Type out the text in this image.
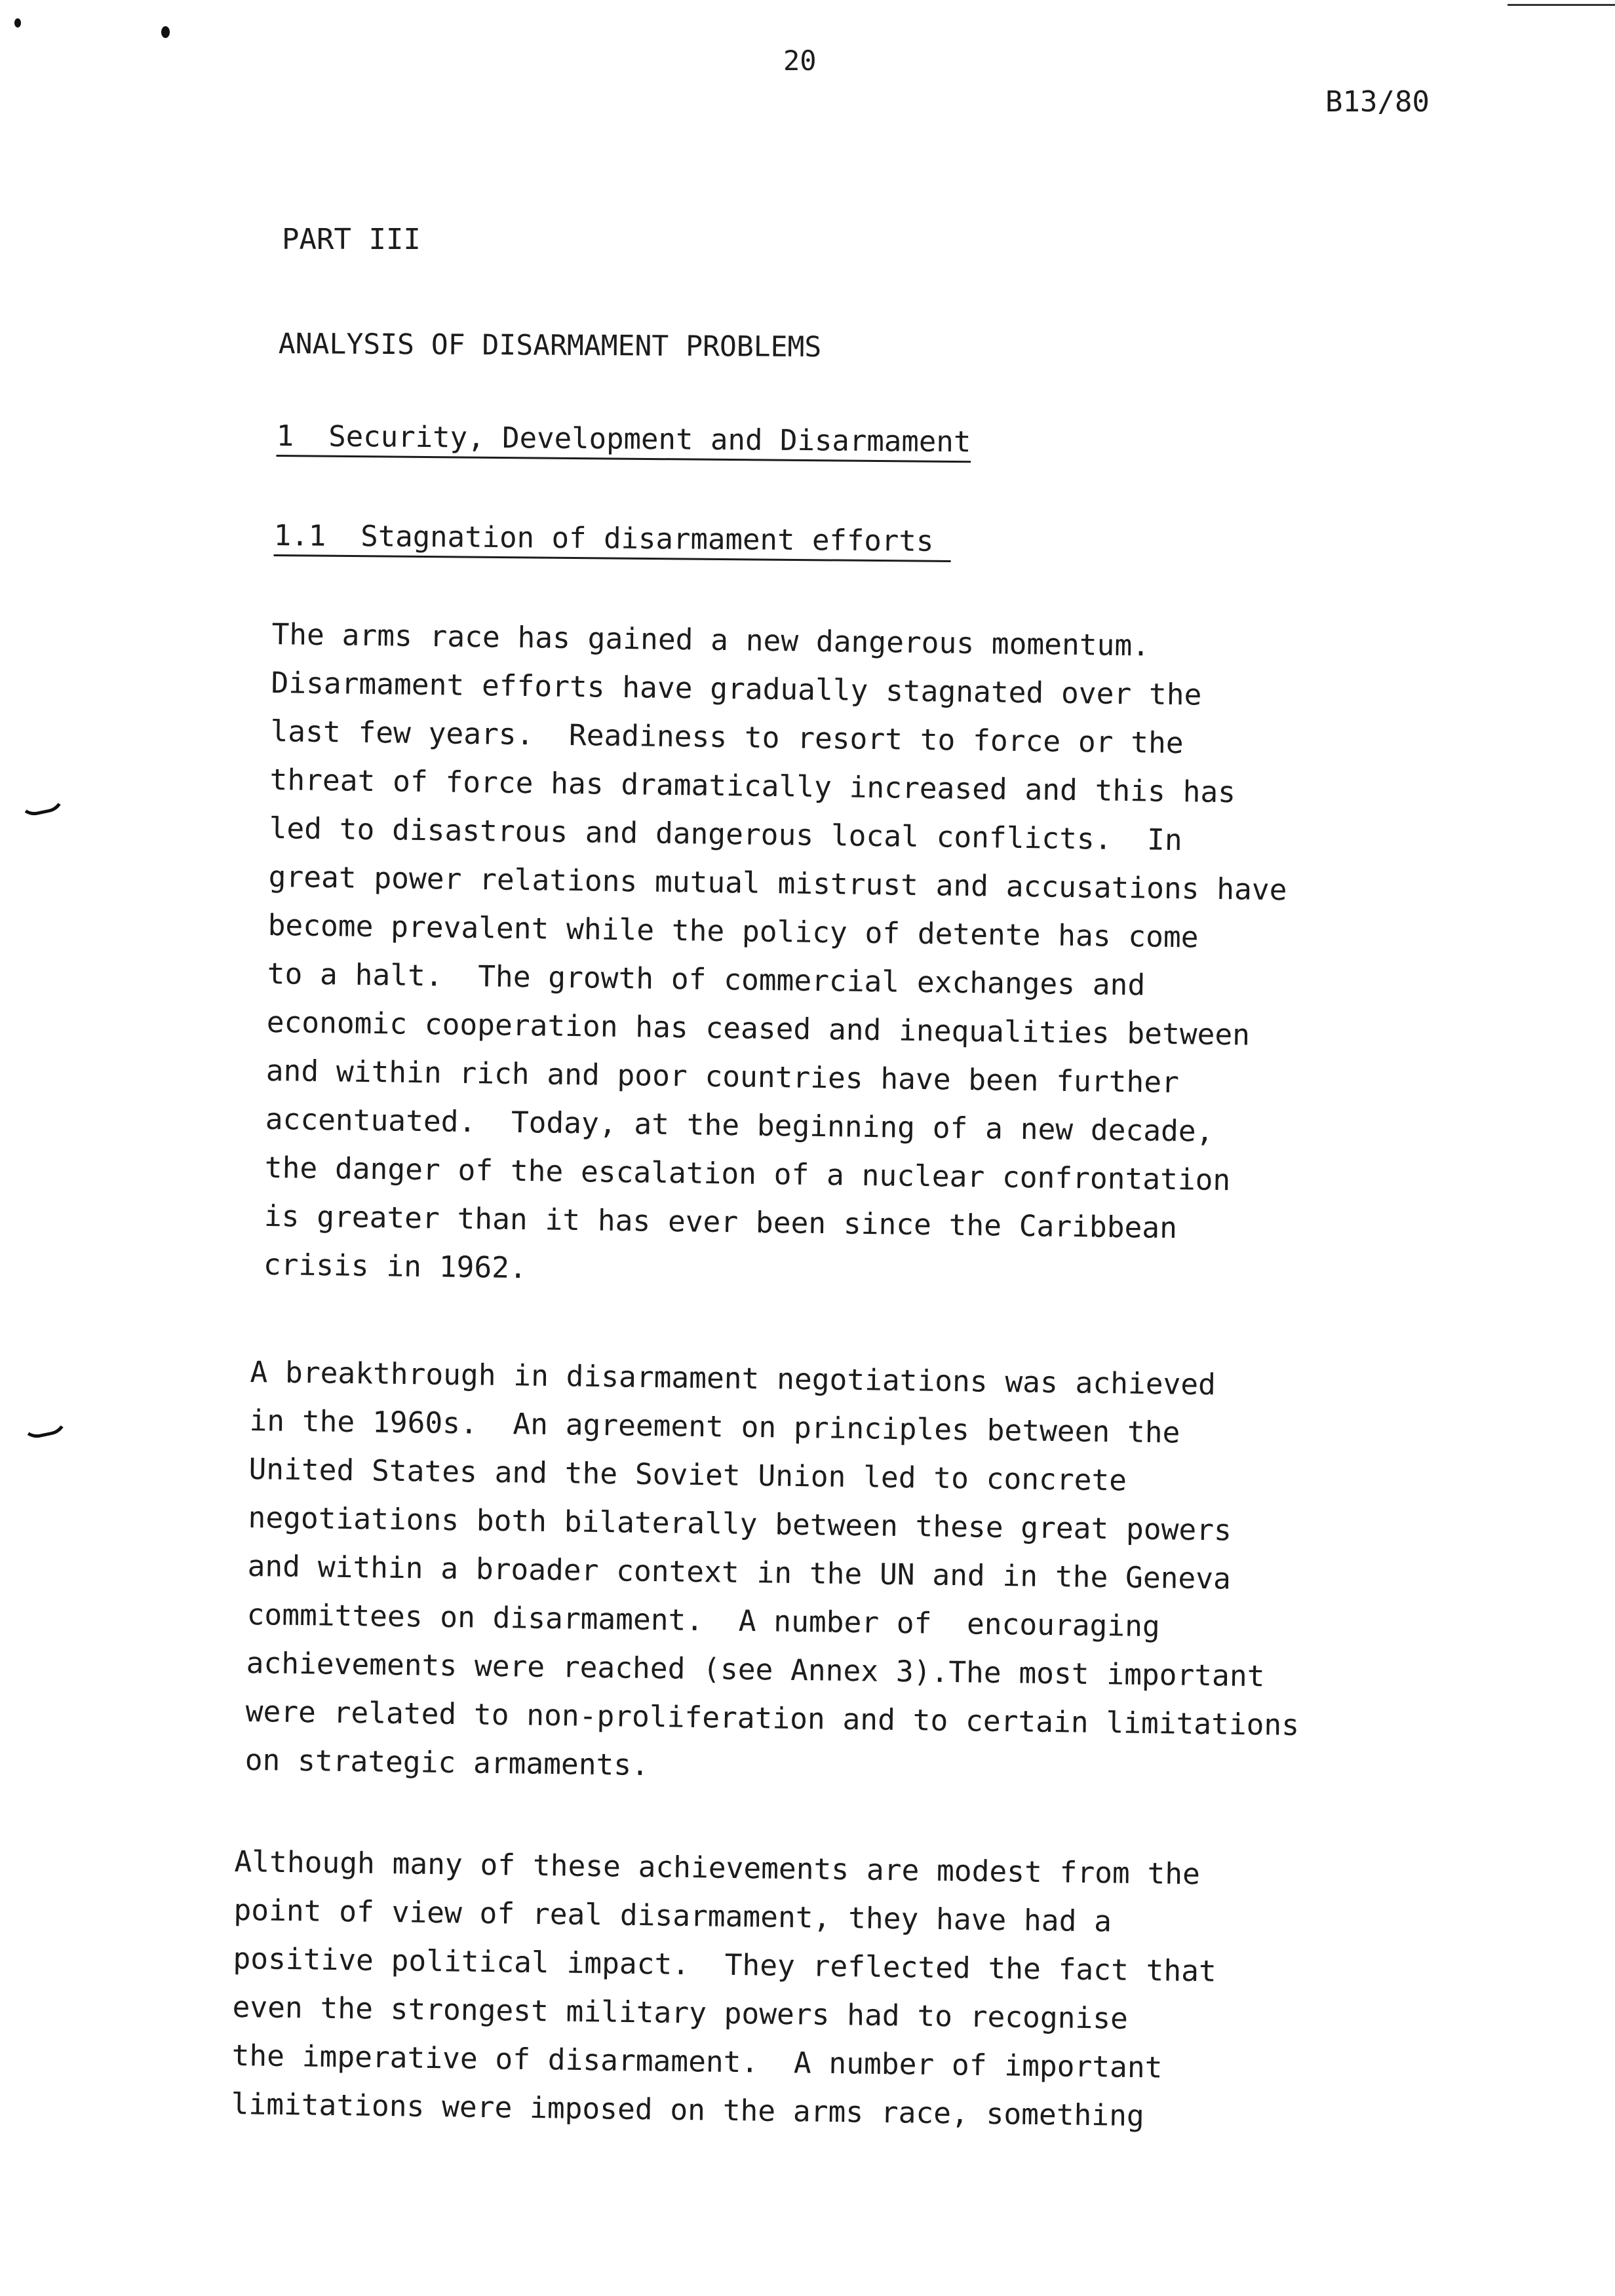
20
B13/80
PART III
ANALYSIS OF DISARMAMENT PROBLEMS
1  Security, Development and Disarmament
1.1  Stagnation of disarmament efforts
The arms race has gained a new dangerous momentum.
Disarmament efforts have gradually stagnated over the
last few years.  Readiness to resort to force or the
threat of force has dramatically increased and this has
led to disastrous and dangerous local conflicts.  In
great power relations mutual mistrust and accusations have
become prevalent while the policy of detente has come
to a halt.  The growth of commercial exchanges and
economic cooperation has ceased and inequalities between
and within rich and poor countries have been further
accentuated.  Today, at the beginning of a new decade,
the danger of the escalation of a nuclear confrontation
is greater than it has ever been since the Caribbean
crisis in 1962.
A breakthrough in disarmament negotiations was achieved
in the 1960s.  An agreement on principles between the
United States and the Soviet Union led to concrete
negotiations both bilaterally between these great powers
and within a broader context in the UN and in the Geneva
committees on disarmament.  A number of  encouraging
achievements were reached (see Annex 3).The most important
were related to non-proliferation and to certain limitations
on strategic armaments.
Although many of these achievements are modest from the
point of view of real disarmament, they have had a
positive political impact.  They reflected the fact that
even the strongest military powers had to recognise
the imperative of disarmament.  A number of important
limitations were imposed on the arms race, something
